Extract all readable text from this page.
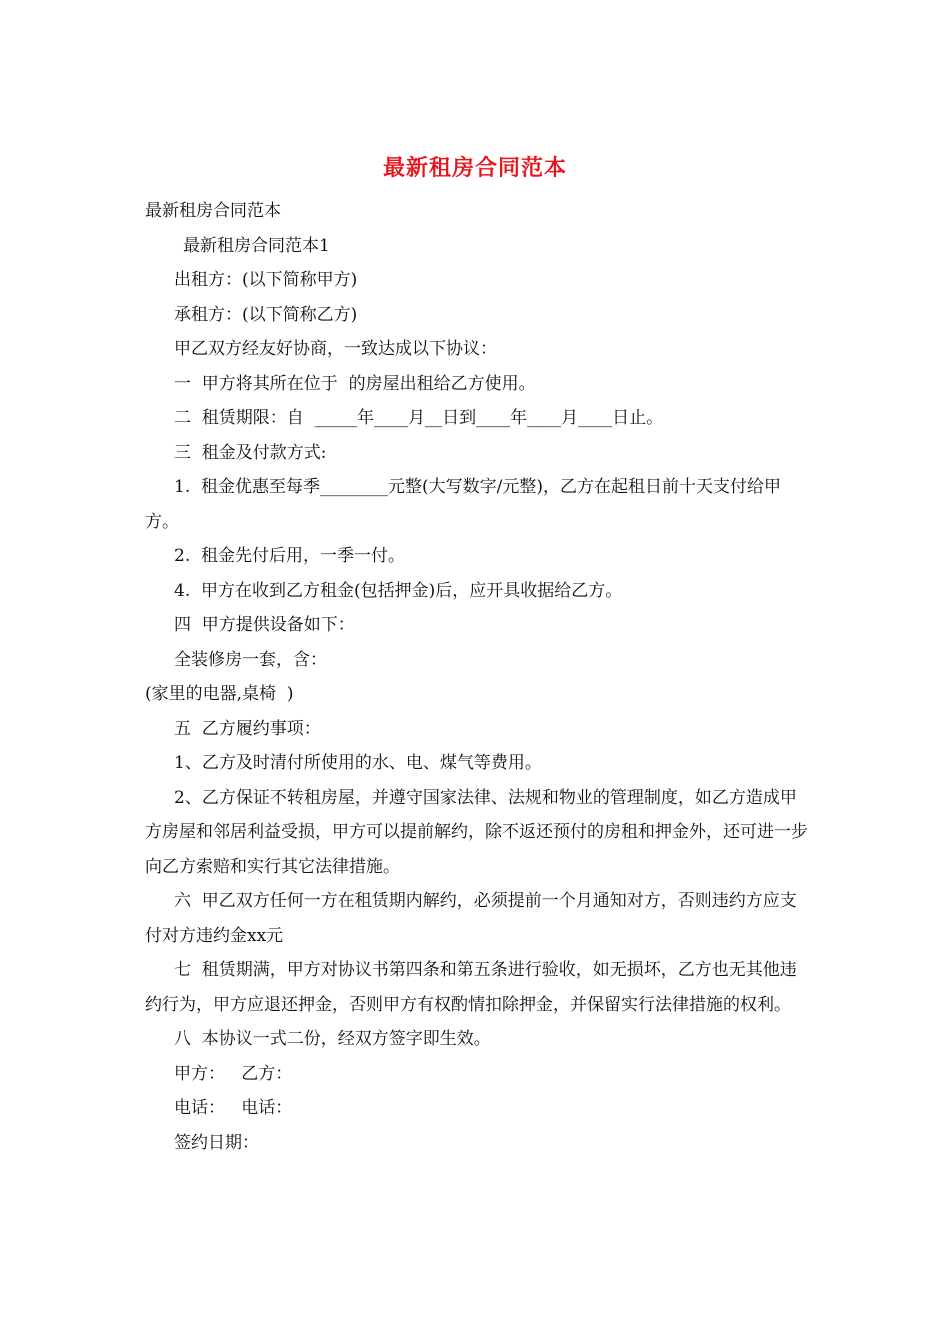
最新租房合同范本

最新租房合同范本

最新租房合同范本1

出租方：(以下简称甲方)

承租方：(以下简称乙方)

甲乙双方经友好协商，一致达成以下协议：

一  甲方将其所在位于  的房屋出租给乙方使用。

二  租赁期限：自  _____年____月__日到____年____月____日止。

三  租金及付款方式:

1.  租金优惠至每季________元整(大写数字/元整)，乙方在起租日前十天支付给甲方。

2.  租金先付后用，一季一付。

4.  甲方在收到乙方租金(包括押金)后，应开具收据给乙方。

四  甲方提供设备如下：

全装修房一套，含：

(家里的电器,桌椅  )

五  乙方履约事项：

1、乙方及时清付所使用的水、电、煤气等费用。

2、乙方保证不转租房屋，并遵守国家法律、法规和物业的管理制度，如乙方造成甲方房屋和邻居利益受损，甲方可以提前解约，除不返还预付的房租和押金外，还可进一步向乙方索赔和实行其它法律措施。

六  甲乙双方任何一方在租赁期内解约，必须提前一个月通知对方，否则违约方应支付对方违约金xx元

七  租赁期满，甲方对协议书第四条和第五条进行验收，如无损坏，乙方也无其他违约行为，甲方应退还押金，否则甲方有权酌情扣除押金，并保留实行法律措施的权利。

八  本协议一式二份，经双方签字即生效。

甲方：   乙方：

电话：   电话：

签约日期：
